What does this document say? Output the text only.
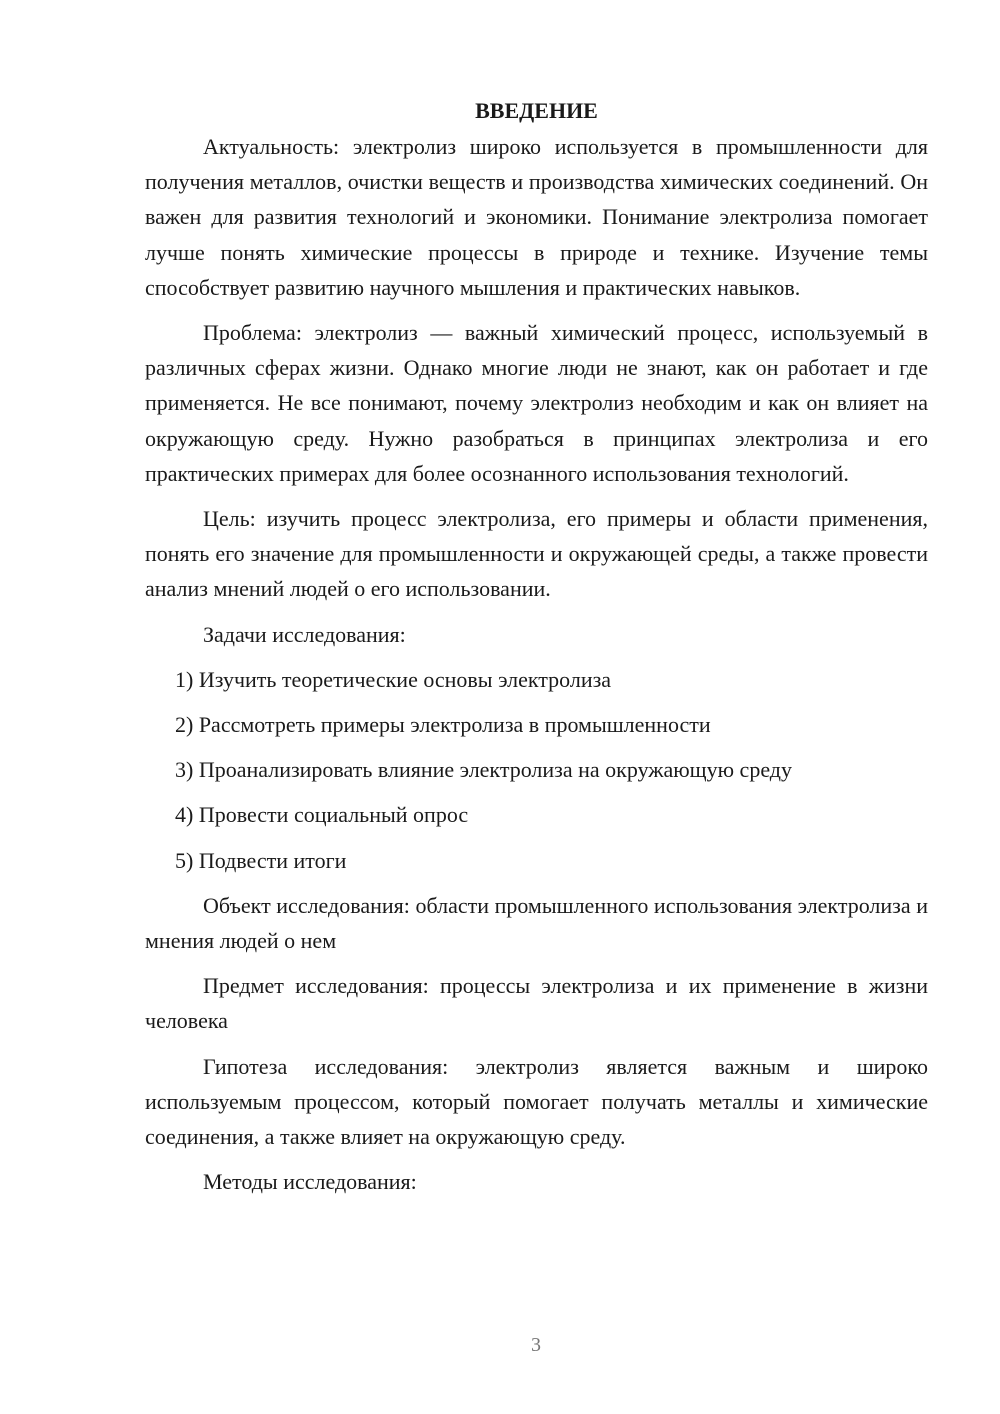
ВВЕДЕНИЕ

Актуальность: электролиз широко используется в промышленности для получения металлов, очистки веществ и производства химических соединений. Он важен для развития технологий и экономики. Понимание электролиза помогает лучше понять химические процессы в природе и технике. Изучение темы способствует развитию научного мышления и практических навыков.

Проблема: электролиз — важный химический процесс, используемый в различных сферах жизни. Однако многие люди не знают, как он работает и где применяется. Не все понимают, почему электролиз необходим и как он влияет на окружающую среду. Нужно разобраться в принципах электролиза и его практических примерах для более осознанного использования технологий.

Цель: изучить процесс электролиза, его примеры и области применения, понять его значение для промышленности и окружающей среды, а также провести анализ мнений людей о его использовании.

Задачи исследования:

1) Изучить теоретические основы электролиза

2) Рассмотреть примеры электролиза в промышленности

3) Проанализировать влияние электролиза на окружающую среду

4) Провести социальный опрос

5) Подвести итоги

Объект исследования: области промышленного использования электролиза и мнения людей о нем

Предмет исследования: процессы электролиза и их применение в жизни человека

Гипотеза исследования: электролиз является важным и широко используемым процессом, который помогает получать металлы и химические соединения, а также влияет на окружающую среду.

Методы исследования:

3
